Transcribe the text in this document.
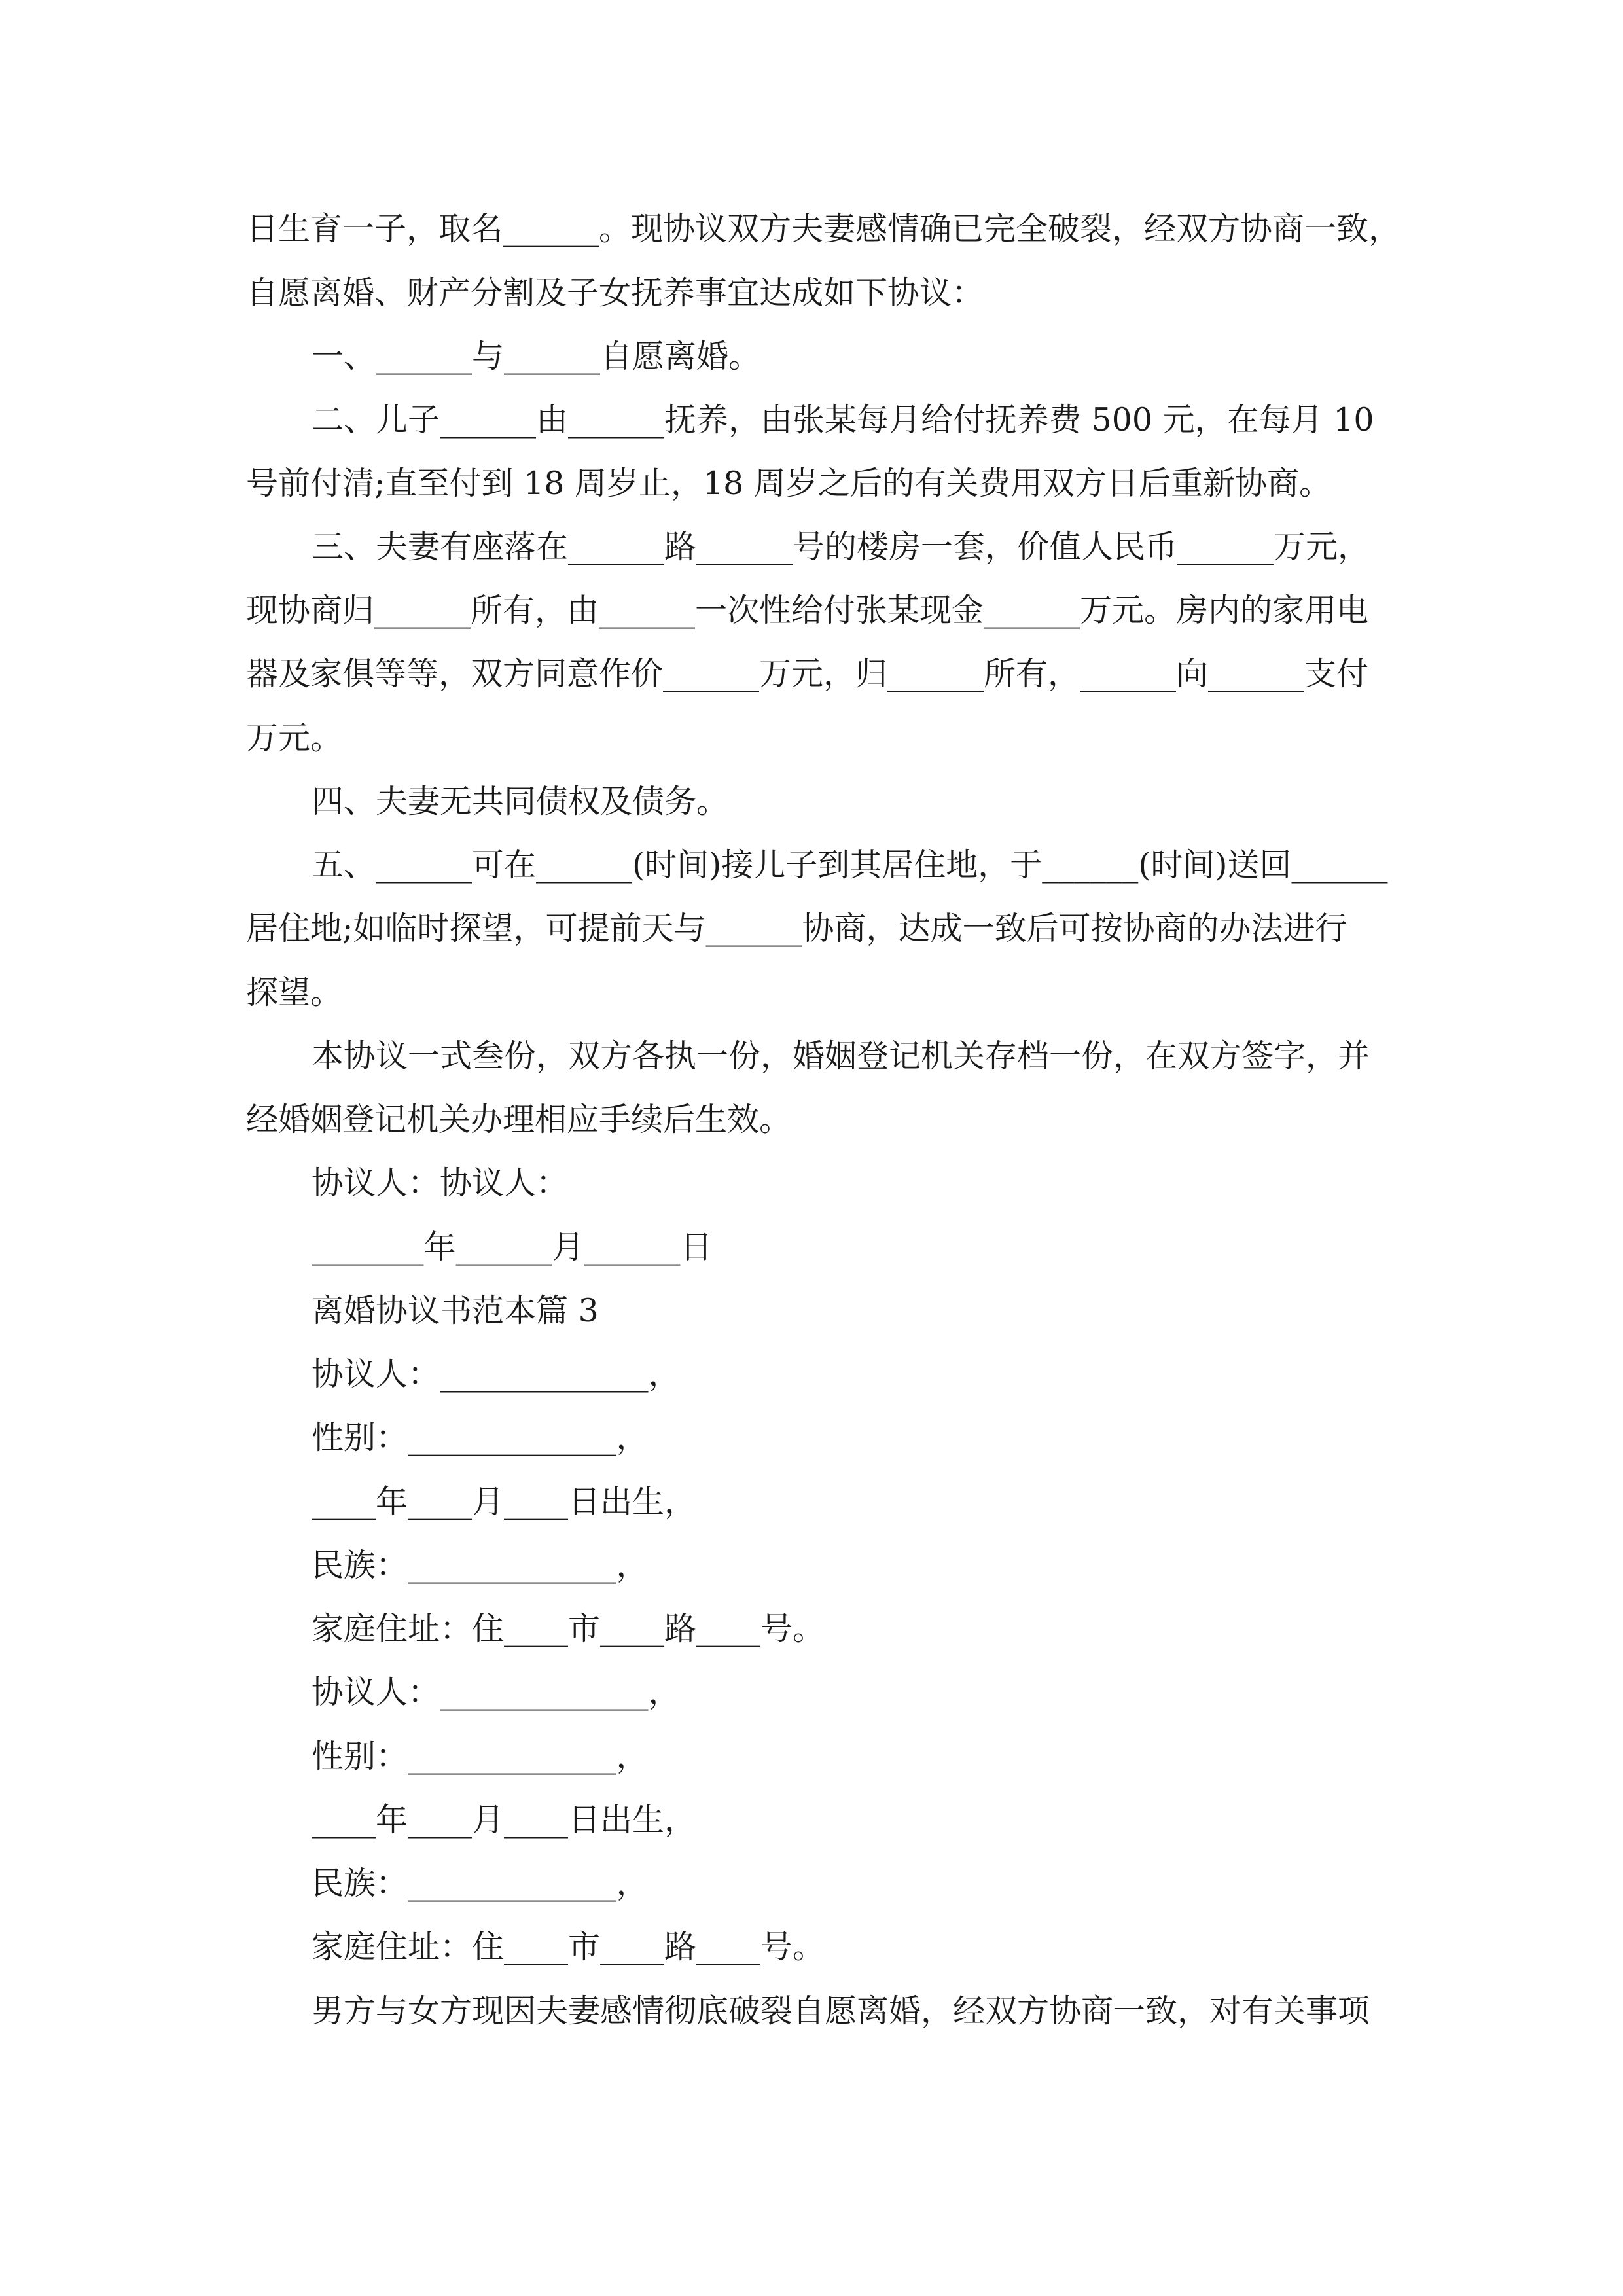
日生育一子，取名______。现协议双方夫妻感情确已完全破裂，经双方协商一致，
自愿离婚、财产分割及子女抚养事宜达成如下协议：
一、______与______自愿离婚。
二、儿子______由______抚养，由张某每月给付抚养费 500 元，在每月 10
号前付清;直至付到 18 周岁止，18 周岁之后的有关费用双方日后重新协商。
三、夫妻有座落在______路______号的楼房一套，价值人民币______万元，
现协商归______所有，由______一次性给付张某现金______万元。房内的家用电
器及家俱等等，双方同意作价______万元，归______所有，______向______支付
万元。
四、夫妻无共同债权及债务。
五、______可在______(时间)接儿子到其居住地，于______(时间)送回______
居住地;如临时探望，可提前天与______协商，达成一致后可按协商的办法进行
探望。
本协议一式叁份，双方各执一份，婚姻登记机关存档一份，在双方签字，并
经婚姻登记机关办理相应手续后生效。
协议人：协议人：
_______年______月______日
离婚协议书范本篇 3
协议人：_____________，
性别：_____________，
____年____月____日出生，
民族：_____________，
家庭住址：住____市____路____号。
协议人：_____________，
性别：_____________，
____年____月____日出生，
民族：_____________，
家庭住址：住____市____路____号。
男方与女方现因夫妻感情彻底破裂自愿离婚，经双方协商一致，对有关事项
